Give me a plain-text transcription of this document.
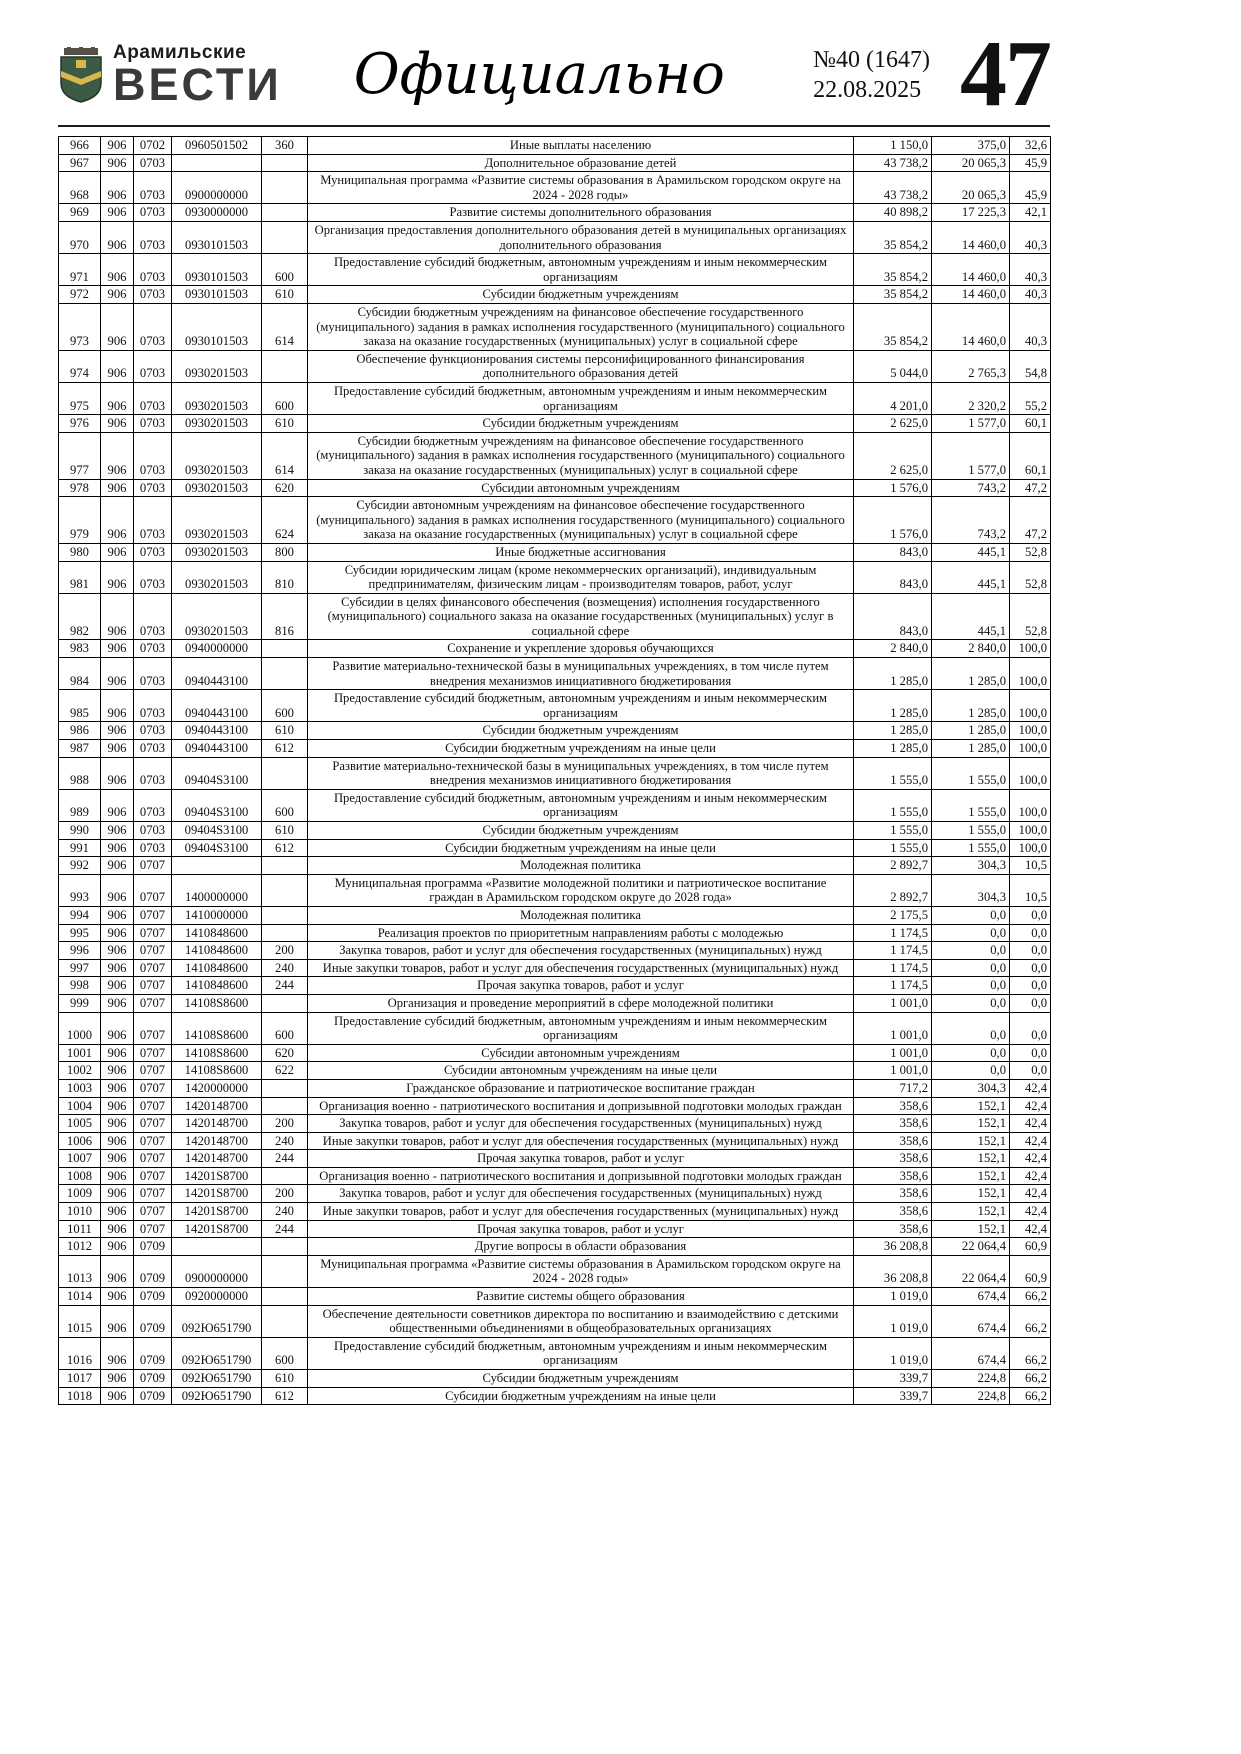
Арамильские
ВЕСТИ Официально	№40 (1647)
22.08.2025 47
966	906	0702	0960501502	360	Иные выплаты населению	1 150,0	375,0	32,6
967	906	0703			Дополнительное образование детей	43 738,2	20 065,3	45,9
968	906	0703	0900000000		Муниципальная программа «Развитие системы образования в Арамильском городском округе на 2024 - 2028 годы»	43 738,2	20 065,3	45,9
969	906	0703	0930000000		Развитие системы дополнительного образования	40 898,2	17 225,3	42,1
970	906	0703	0930101503		Организация предоставления дополнительного образования детей в муниципальных организациях дополнительного образования	35 854,2	14 460,0	40,3
971	906	0703	0930101503	600	Предоставление субсидий бюджетным, автономным учреждениям и иным некоммерческим организациям	35 854,2	14 460,0	40,3
972	906	0703	0930101503	610	Субсидии бюджетным учреждениям	35 854,2	14 460,0	40,3
973	906	0703	0930101503	614	Субсидии бюджетным учреждениям на финансовое обеспечение государственного (муниципального) задания в рамках исполнения государственного (муниципального) социального заказа на оказание государственных (муниципальных) услуг в социальной сфере	35 854,2	14 460,0	40,3
974	906	0703	0930201503		Обеспечение функционирования системы персонифицированного финансирования дополнительного образования детей	5 044,0	2 765,3	54,8
975	906	0703	0930201503	600	Предоставление субсидий бюджетным, автономным учреждениям и иным некоммерческим организациям	4 201,0	2 320,2	55,2
976	906	0703	0930201503	610	Субсидии бюджетным учреждениям	2 625,0	1 577,0	60,1
977	906	0703	0930201503	614	Субсидии бюджетным учреждениям на финансовое обеспечение государственного (муниципального) задания в рамках исполнения государственного (муниципального) социального заказа на оказание государственных (муниципальных) услуг в социальной сфере	2 625,0	1 577,0	60,1
978	906	0703	0930201503	620	Субсидии автономным учреждениям	1 576,0	743,2	47,2
979	906	0703	0930201503	624	Субсидии автономным учреждениям на финансовое обеспечение государственного (муниципального) задания в рамках исполнения государственного (муниципального) социального заказа на оказание государственных (муниципальных) услуг в социальной сфере	1 576,0	743,2	47,2
980	906	0703	0930201503	800	Иные бюджетные ассигнования	843,0	445,1	52,8
981	906	0703	0930201503	810	Субсидии юридическим лицам (кроме некоммерческих организаций), индивидуальным предпринимателям, физическим лицам - производителям товаров, работ, услуг	843,0	445,1	52,8
982	906	0703	0930201503	816	Субсидии в целях финансового обеспечения (возмещения) исполнения государственного (муниципального) социального заказа на оказание государственных (муниципальных) услуг в социальной сфере	843,0	445,1	52,8
983	906	0703	0940000000		Сохранение и укрепление здоровья обучающихся	2 840,0	2 840,0	100,0
984	906	0703	0940443100		Развитие материально-технической базы в муниципальных учреждениях, в том числе путем внедрения механизмов инициативного бюджетирования	1 285,0	1 285,0	100,0
985	906	0703	0940443100	600	Предоставление субсидий бюджетным, автономным учреждениям и иным некоммерческим организациям	1 285,0	1 285,0	100,0
986	906	0703	0940443100	610	Субсидии бюджетным учреждениям	1 285,0	1 285,0	100,0
987	906	0703	0940443100	612	Субсидии бюджетным учреждениям на иные цели	1 285,0	1 285,0	100,0
988	906	0703	09404S3100		Развитие материально-технической базы в муниципальных учреждениях, в том числе путем внедрения механизмов инициативного бюджетирования	1 555,0	1 555,0	100,0
989	906	0703	09404S3100	600	Предоставление субсидий бюджетным, автономным учреждениям и иным некоммерческим организациям	1 555,0	1 555,0	100,0
990	906	0703	09404S3100	610	Субсидии бюджетным учреждениям	1 555,0	1 555,0	100,0
991	906	0703	09404S3100	612	Субсидии бюджетным учреждениям на иные цели	1 555,0	1 555,0	100,0
992	906	0707			Молодежная политика	2 892,7	304,3	10,5
993	906	0707	1400000000		Муниципальная программа «Развитие молодежной политики и патриотическое воспитание граждан в Арамильском городском округе до 2028 года»	2 892,7	304,3	10,5
994	906	0707	1410000000		Молодежная политика	2 175,5	0,0	0,0
995	906	0707	1410848600		Реализация проектов по приоритетным направлениям работы с молодежью	1 174,5	0,0	0,0
996	906	0707	1410848600	200	Закупка товаров, работ и услуг для обеспечения государственных (муниципальных) нужд	1 174,5	0,0	0,0
997	906	0707	1410848600	240	Иные закупки товаров, работ и услуг для обеспечения государственных (муниципальных) нужд	1 174,5	0,0	0,0
998	906	0707	1410848600	244	Прочая закупка товаров, работ и услуг	1 174,5	0,0	0,0
999	906	0707	14108S8600		Организация и проведение мероприятий в сфере молодежной политики	1 001,0	0,0	0,0
1000	906	0707	14108S8600	600	Предоставление субсидий бюджетным, автономным учреждениям и иным некоммерческим организациям	1 001,0	0,0	0,0
1001	906	0707	14108S8600	620	Субсидии автономным учреждениям	1 001,0	0,0	0,0
1002	906	0707	14108S8600	622	Субсидии автономным учреждениям на иные цели	1 001,0	0,0	0,0
1003	906	0707	1420000000		Гражданское образование и патриотическое воспитание граждан	717,2	304,3	42,4
1004	906	0707	1420148700		Организация военно - патриотического воспитания и допризывной подготовки молодых граждан	358,6	152,1	42,4
1005	906	0707	1420148700	200	Закупка товаров, работ и услуг для обеспечения государственных (муниципальных) нужд	358,6	152,1	42,4
1006	906	0707	1420148700	240	Иные закупки товаров, работ и услуг для обеспечения государственных (муниципальных) нужд	358,6	152,1	42,4
1007	906	0707	1420148700	244	Прочая закупка товаров, работ и услуг	358,6	152,1	42,4
1008	906	0707	14201S8700		Организация военно - патриотического воспитания и допризывной подготовки молодых граждан	358,6	152,1	42,4
1009	906	0707	14201S8700	200	Закупка товаров, работ и услуг для обеспечения государственных (муниципальных) нужд	358,6	152,1	42,4
1010	906	0707	14201S8700	240	Иные закупки товаров, работ и услуг для обеспечения государственных (муниципальных) нужд	358,6	152,1	42,4
1011	906	0707	14201S8700	244	Прочая закупка товаров, работ и услуг	358,6	152,1	42,4
1012	906	0709			Другие вопросы в области образования	36 208,8	22 064,4	60,9
1013	906	0709	0900000000		Муниципальная программа «Развитие системы образования в Арамильском городском округе на 2024 - 2028 годы»	36 208,8	22 064,4	60,9
1014	906	0709	0920000000		Развитие системы общего образования	1 019,0	674,4	66,2
1015	906	0709	092Ю651790		Обеспечение деятельности советников директора по воспитанию и взаимодействию с детскими общественными объединениями в общеобразовательных организациях	1 019,0	674,4	66,2
1016	906	0709	092Ю651790	600	Предоставление субсидий бюджетным, автономным учреждениям и иным некоммерческим организациям	1 019,0	674,4	66,2
1017	906	0709	092Ю651790	610	Субсидии бюджетным учреждениям	339,7	224,8	66,2
1018	906	0709	092Ю651790	612	Субсидии бюджетным учреждениям на иные цели	339,7	224,8	66,2
